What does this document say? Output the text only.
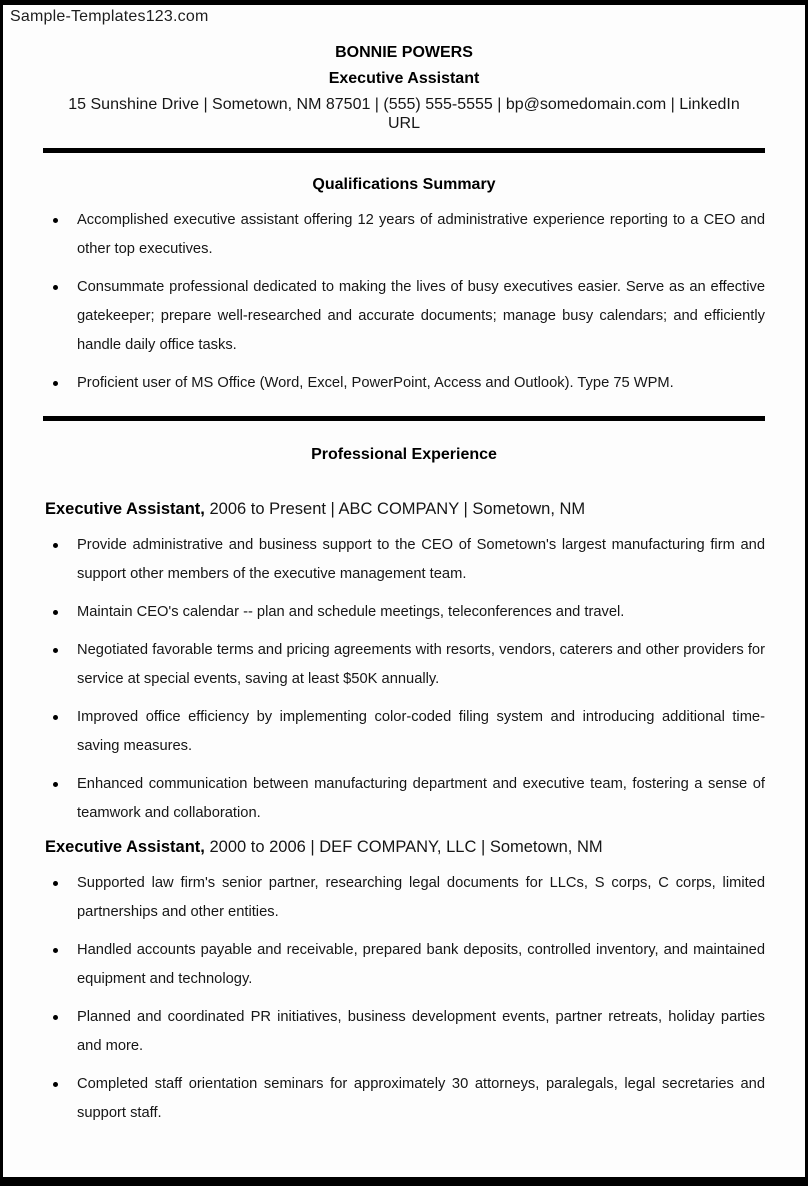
Sample-Templates123.com
BONNIE POWERS
Executive Assistant
15 Sunshine Drive | Sometown, NM 87501 | (555) 555-5555 | bp@somedomain.com | LinkedIn
URL
Qualifications Summary
Accomplished executive assistant offering 12 years of administrative experience reporting to a CEO and other top executives.
Consummate professional dedicated to making the lives of busy executives easier. Serve as an effective gatekeeper; prepare well-researched and accurate documents; manage busy calendars; and efficiently handle daily office tasks.
Proficient user of MS Office (Word, Excel, PowerPoint, Access and Outlook). Type 75 WPM.
Professional Experience

Executive Assistant, 2006 to Present | ABC COMPANY | Sometown, NM

Provide administrative and business support to the CEO of Sometown's largest manufacturing firm and support other members of the executive management team.
Maintain CEO's calendar -- plan and schedule meetings, teleconferences and travel.
Negotiated favorable terms and pricing agreements with resorts, vendors, caterers and other providers for service at special events, saving at least $50K annually.
Improved office efficiency by implementing color-coded filing system and introducing additional time-saving measures.
Enhanced communication between manufacturing department and executive team, fostering a sense of teamwork and collaboration.

Executive Assistant, 2000 to 2006 | DEF COMPANY, LLC | Sometown, NM

Supported law firm's senior partner, researching legal documents for LLCs, S corps, C corps, limited partnerships and other entities.
Handled accounts payable and receivable, prepared bank deposits, controlled inventory, and maintained equipment and technology.
Planned and coordinated PR initiatives, business development events, partner retreats, holiday parties and more.
Completed staff orientation seminars for approximately 30 attorneys, paralegals, legal secretaries and support staff.
